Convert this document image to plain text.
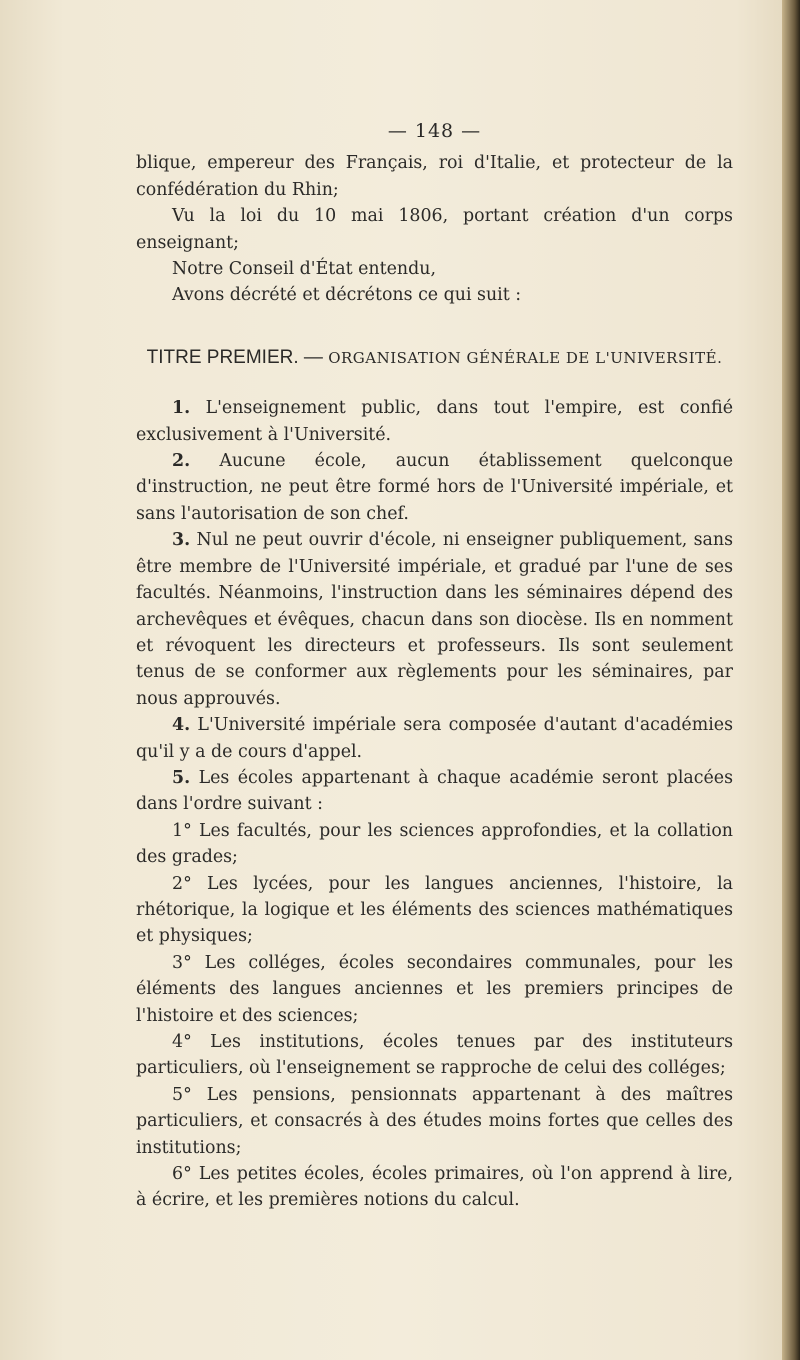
— 148 —

blique, empereur des Français, roi d'Italie, et protecteur de la confédération du Rhin;

Vu la loi du 10 mai 1806, portant création d'un corps enseignant;

Notre Conseil d'État entendu,

Avons décrété et décrétons ce qui suit :

TITRE PREMIER. — ORGANISATION GÉNÉRALE DE L'UNIVERSITÉ.

1. L'enseignement public, dans tout l'empire, est confié exclusivement à l'Université.

2. Aucune école, aucun établissement quelconque d'instruction, ne peut être formé hors de l'Université impériale, et sans l'autorisation de son chef.

3. Nul ne peut ouvrir d'école, ni enseigner publiquement, sans être membre de l'Université impériale, et gradué par l'une de ses facultés. Néanmoins, l'instruction dans les séminaires dépend des archevêques et évêques, chacun dans son diocèse. Ils en nomment et révoquent les directeurs et professeurs. Ils sont seulement tenus de se conformer aux règlements pour les séminaires, par nous approuvés.

4. L'Université impériale sera composée d'autant d'académies qu'il y a de cours d'appel.

5. Les écoles appartenant à chaque académie seront placées dans l'ordre suivant :

1° Les facultés, pour les sciences approfondies, et la collation des grades;

2° Les lycées, pour les langues anciennes, l'histoire, la rhétorique, la logique et les éléments des sciences mathématiques et physiques;

3° Les colléges, écoles secondaires communales, pour les éléments des langues anciennes et les premiers principes de l'histoire et des sciences;

4° Les institutions, écoles tenues par des instituteurs particuliers, où l'enseignement se rapproche de celui des colléges;

5° Les pensions, pensionnats appartenant à des maîtres particuliers, et consacrés à des études moins fortes que celles des institutions;

6° Les petites écoles, écoles primaires, où l'on apprend à lire, à écrire, et les premières notions du calcul.
